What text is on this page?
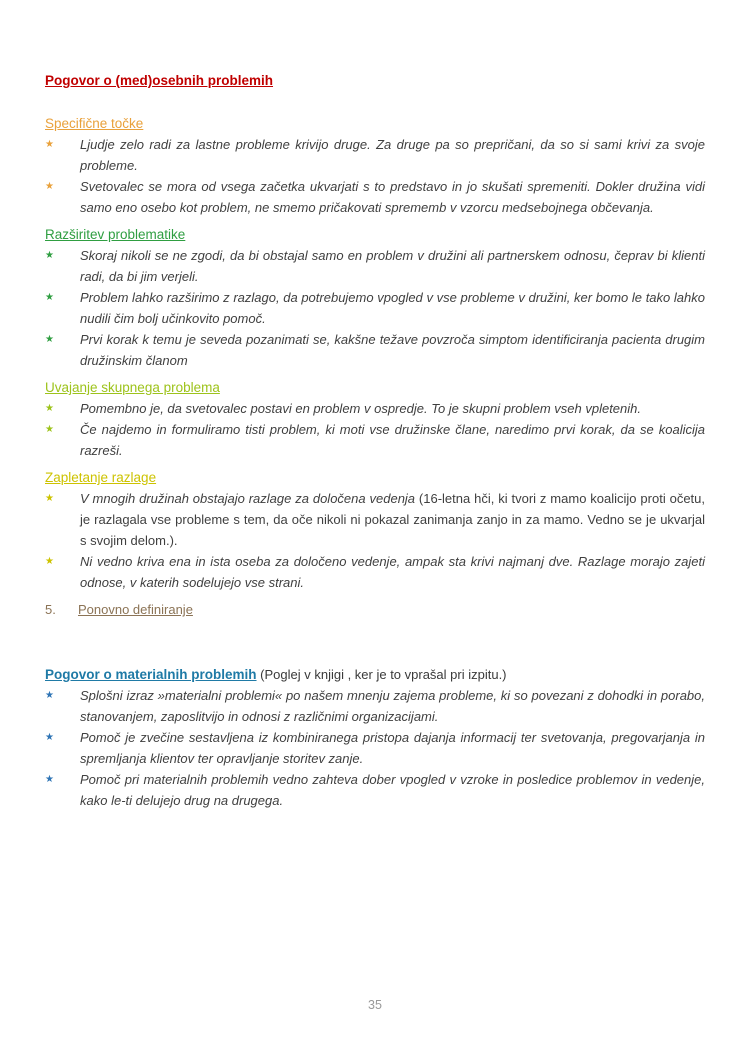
Pogovor o (med)osebnih problemih
Specifične točke
★	Ljudje zelo radi za lastne probleme krivijo druge. Za druge pa so prepričani, da so si sami krivi za svoje probleme.
★	Svetovalec se mora od vsega začetka ukvarjati s to predstavo in jo skušati spremeniti. Dokler družina vidi samo eno osebo kot problem, ne smemo pričakovati sprememb v vzorcu medsebojnega občevanja.
Razširitev problematike
★	Skoraj nikoli se ne zgodi, da bi obstajal samo en problem v družini ali partnerskem odnosu, čeprav bi klienti radi, da bi jim verjeli.
★	Problem lahko razširimo z razlago, da potrebujemo vpogled v vse probleme v družini, ker bomo le tako lahko nudili čim bolj učinkovito pomoč.
★	Prvi korak k temu je seveda pozanimati se, kakšne težave povzroča simptom identificiranja pacienta drugim družinskim članom
Uvajanje skupnega problema
★	Pomembno je, da svetovalec postavi en problem v ospredje. To je skupni problem vseh vpletenih.
★	Če najdemo in formuliramo tisti problem, ki moti vse družinske člane, naredimo prvi korak, da se koalicija razreši.
Zapletanje razlage
★	V mnogih družinah obstajajo razlage za določena vedenja (16-letna hči, ki tvori z mamo koalicijo proti očetu, je razlagala vse probleme s tem, da oče nikoli ni pokazal zanimanja zanjo in za mamo. Vedno se je ukvarjal s svojim delom.).
★	Ni vedno kriva ena in ista oseba za določeno vedenje, ampak sta krivi najmanj dve. Razlage morajo zajeti odnose, v katerih sodelujejo vse strani.
5.	Ponovno definiranje
Pogovor o materialnih problemih (Poglej v knjigi , ker je to vprašal pri izpitu.)
★	Splošni izraz »materialni problemi« po našem mnenju zajema probleme, ki so povezani z dohodki in porabo, stanovanjem, zaposlitvijo in odnosi z različnimi organizacijami.
★	Pomoč je zvečine sestavljena iz kombiniranega pristopa dajanja informacij ter svetovanja, pregovarjanja in spremljanja klientov ter opravljanje storitev zanje.
★	Pomoč pri materialnih problemih vedno zahteva dober vpogled v vzroke in posledice problemov in vedenje, kako le-ti delujejo drug na drugega.
35
